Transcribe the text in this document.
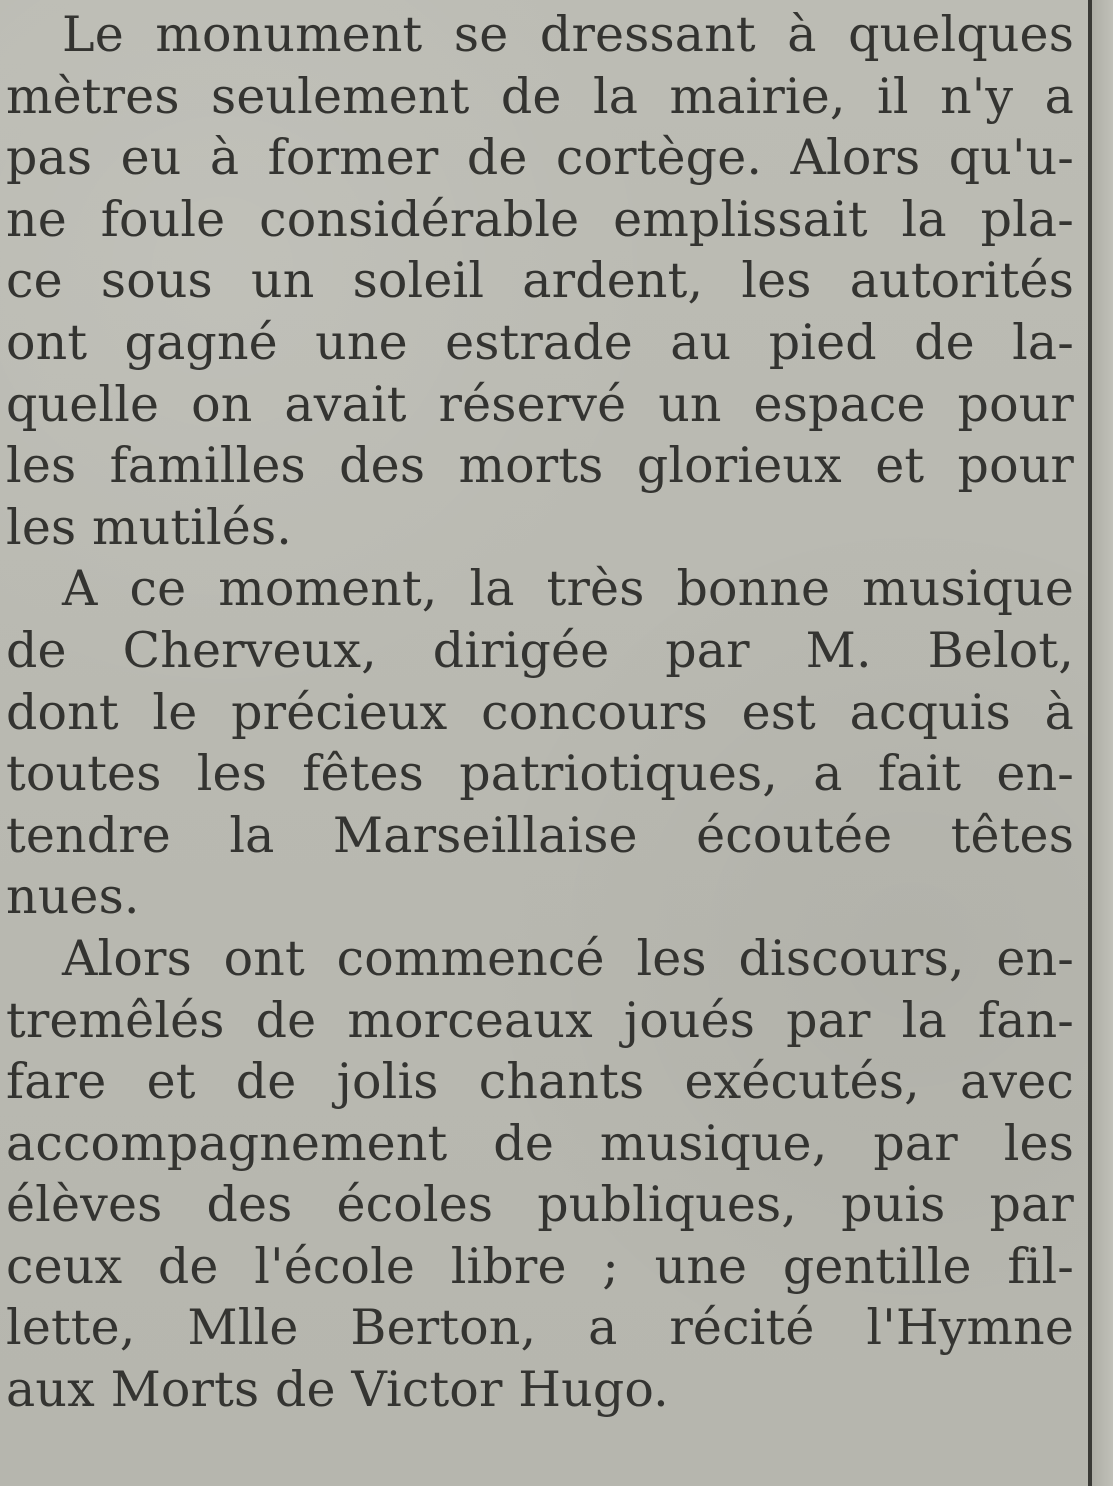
Le monument se dressant à quelques
mètres seulement de la mairie, il n'y a
pas eu à former de cortège. Alors qu'u-
ne foule considérable emplissait la pla-
ce sous un soleil ardent, les autorités
ont gagné une estrade au pied de la-
quelle on avait réservé un espace pour
les familles des morts glorieux et pour
les mutilés.
A ce moment, la très bonne musique
de Cherveux, dirigée par M. Belot,
dont le précieux concours est acquis à
toutes les fêtes patriotiques, a fait en-
tendre la Marseillaise écoutée têtes
nues.
Alors ont commencé les discours, en-
tremêlés de morceaux joués par la fan-
fare et de jolis chants exécutés, avec
accompagnement de musique, par les
élèves des écoles publiques, puis par
ceux de l'école libre ; une gentille fil-
lette, Mlle Berton, a récité l'Hymne
aux Morts de Victor Hugo.
